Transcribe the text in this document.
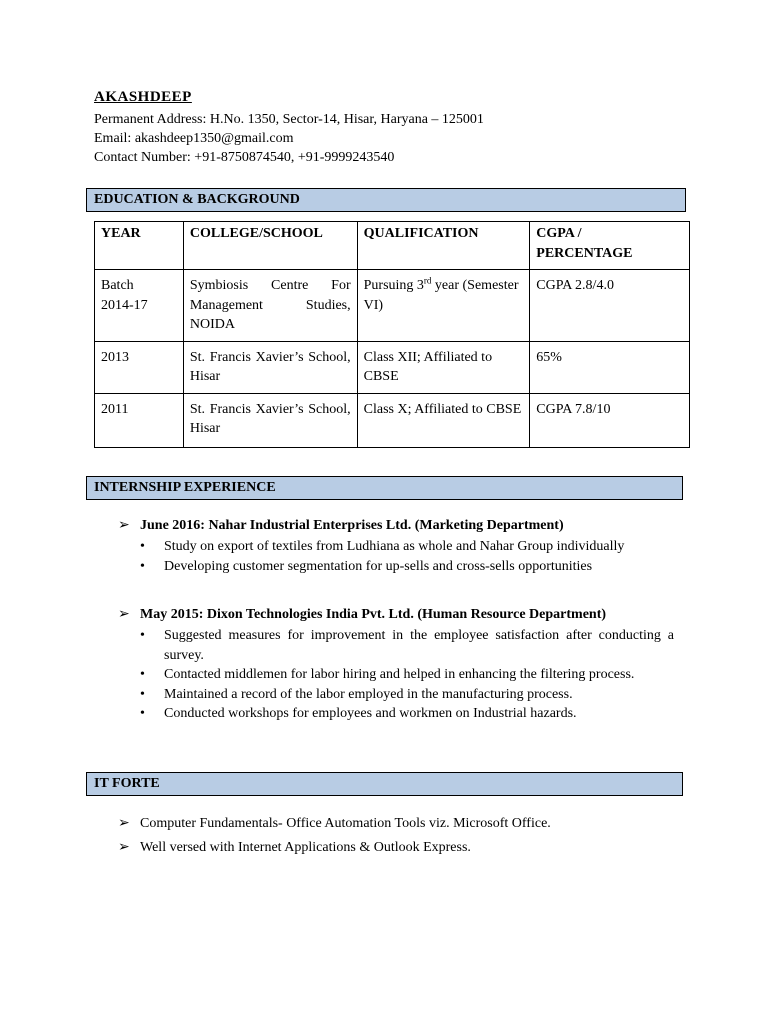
AKASHDEEP
Permanent Address: H.No. 1350, Sector-14, Hisar, Haryana – 125001
Email: akashdeep1350@gmail.com
Contact Number: +91-8750874540, +91-9999243540
EDUCATION & BACKGROUND
YEAR	COLLEGE/SCHOOL	QUALIFICATION	CGPA / PERCENTAGE
Batch 2014-17	Symbiosis Centre For Management Studies, NOIDA	Pursuing 3rd year (Semester VI)	CGPA 2.8/4.0
2013	St. Francis Xavier’s School, Hisar	Class XII; Affiliated to CBSE	65%
2011	St. Francis Xavier’s School, Hisar	Class X; Affiliated to CBSE	CGPA 7.8/10
INTERNSHIP EXPERIENCE
➢ June 2016: Nahar Industrial Enterprises Ltd. (Marketing Department)
• Study on export of textiles from Ludhiana as whole and Nahar Group individually
• Developing customer segmentation for up-sells and cross-sells opportunities
➢ May 2015: Dixon Technologies India Pvt. Ltd. (Human Resource Department)
• Suggested measures for improvement in the employee satisfaction after conducting a survey.
• Contacted middlemen for labor hiring and helped in enhancing the filtering process.
• Maintained a record of the labor employed in the manufacturing process.
• Conducted workshops for employees and workmen on Industrial hazards.
IT FORTE
➢ Computer Fundamentals- Office Automation Tools viz. Microsoft Office.
➢ Well versed with Internet Applications & Outlook Express.
